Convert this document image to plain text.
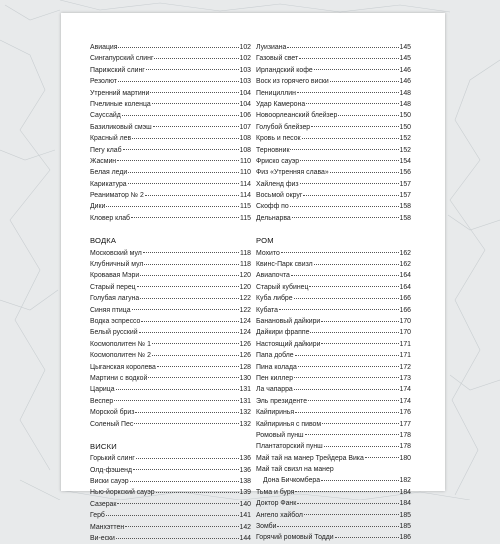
Авиация	102
Сингапурский слинг	102
Парижский слинг	103
Резолют	103
Утренний мартини	104
Пчелиные коленца	104
Сауссайд	106
Базиликовый смэш	107
Красный лев	108
Пегу клаб	108
Жасмин	110
Белая леди	110
Карикатура	114
Реаниматор № 2	114
Дики	115
Кловер клаб	115
ВОДКА
Московский мул	118
Клубничный мул	118
Кровавая Мэри	120
Старый перец	120
Голубая лагуна	122
Синяя птица	122
Водка эспрессо	124
Белый русский	124
Космополитен № 1	126
Космополитен № 2	126
Цыганская королева	128
Мартини с водкой	130
Царица	131
Веспер	131
Морской бриз	132
Соленый Пес	132
ВИСКИ
Горький слинг	136
Олд-фэшенд	136
Виски сауэр	138
Нью-йоркский сауэр	139
Сазерак	140
Герб	141
Манхэттен	142
Ви-ески	144
Луизиана	145
Газовый свет	145
Ирландский кофе	146
Воск из горячего виски	146
Пенициллин	148
Удар Камерона	148
Новоорлеанский блейзер	150
Голубой блейзер	150
Кровь и песок	152
Терновник	152
Фриско сауэр	154
Физ «Утренняя слава»	156
Хайленд физ	157
Восьмой округ	157
Скофф по	158
Дельнарва	158
РОМ
Мохито	162
Квинс-Парк свизл	162
Авиапочта	164
Старый кубинец	164
Куба либре	166
Кубата	166
Банановый дайкири	170
Дайкири фраппе	170
Настоящий дайкири	171
Папа добле	171
Пина колада	172
Пен киллер	173
Ла чапарра	174
Эль президенте	174
Кайпиринья	176
Кайпиринья с пивом	177
Ромовый пунш	178
Плантаторский пунш	178
Май тай на манер Трейдера Вика	180
Май тай свизл на манер
Дона Бичкомбера	182
Тьма и буря	184
Доктор Фанк	184
Ангело хайбол	185
Зомби	185
Горячий ромовый Тодди	186
